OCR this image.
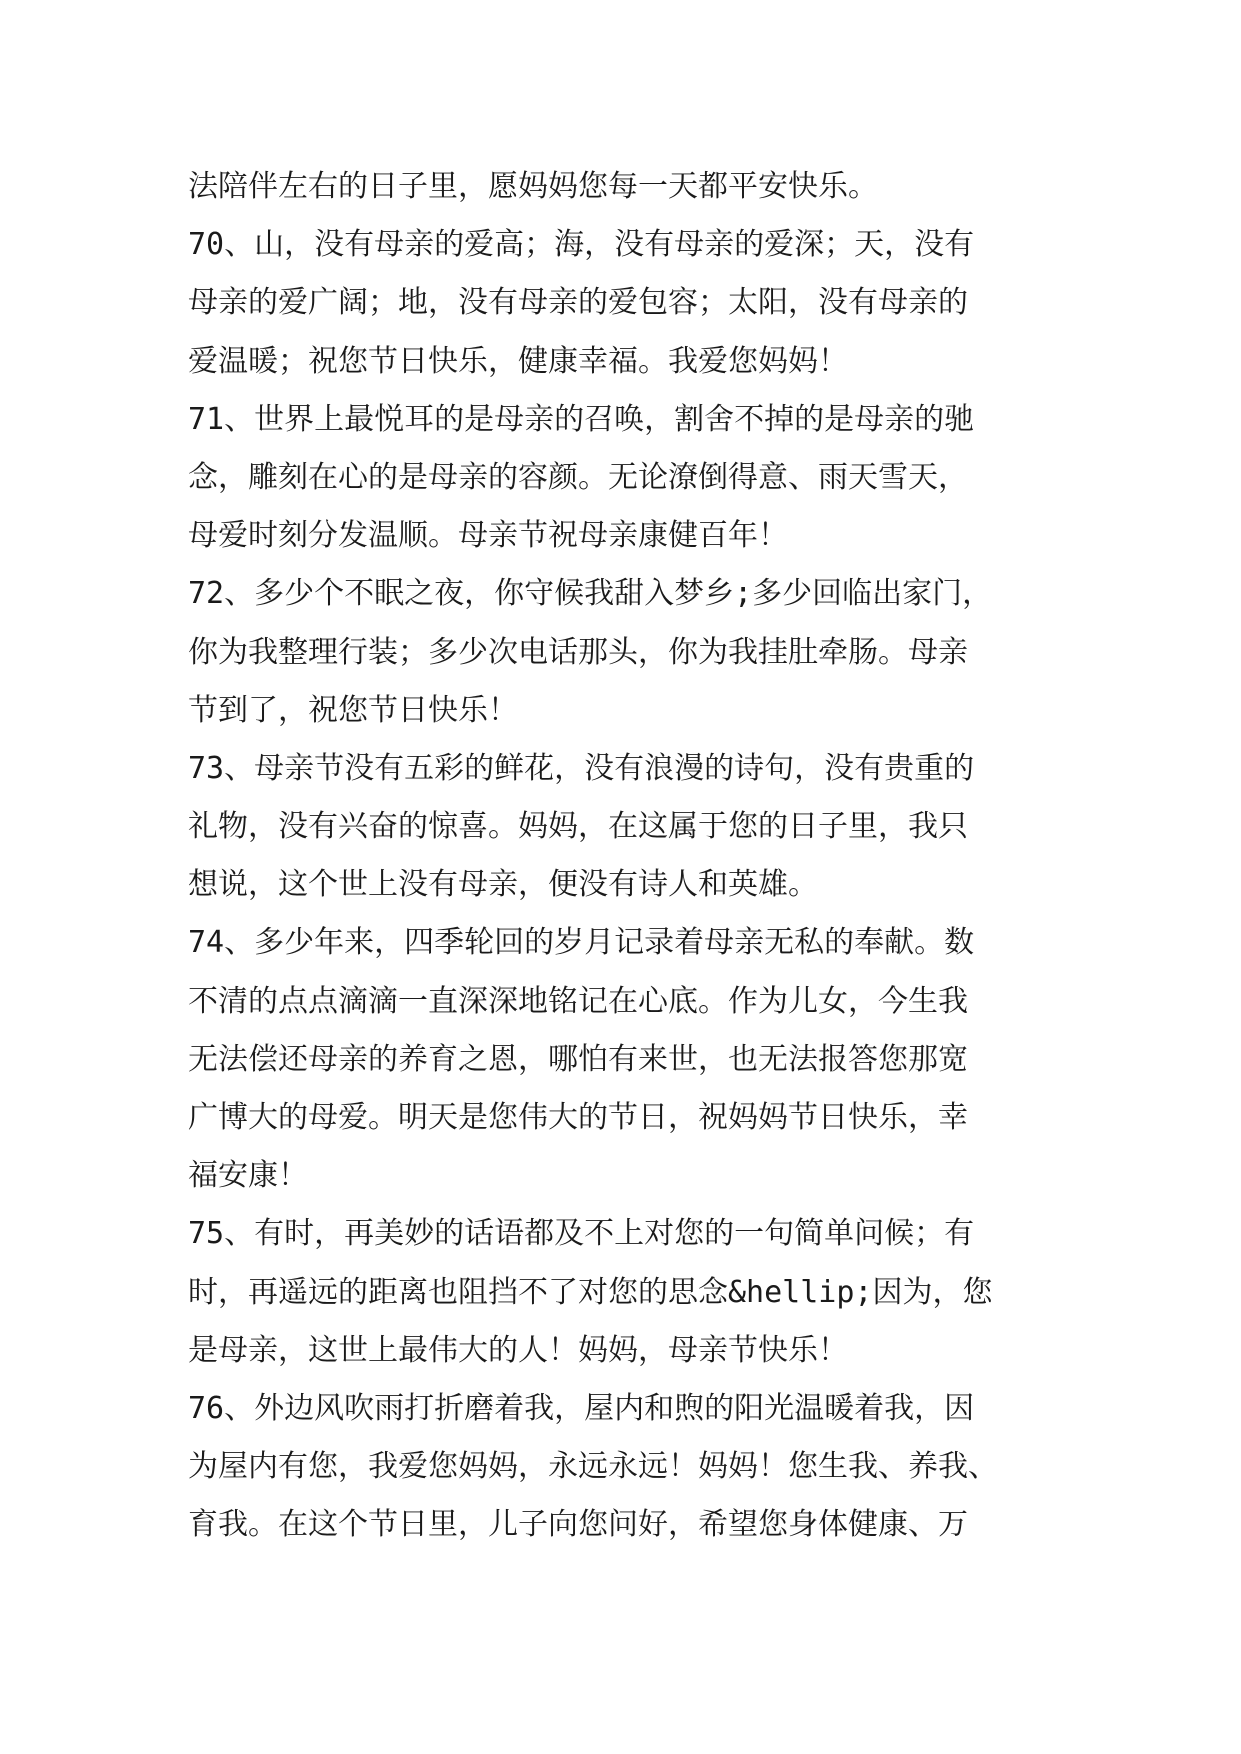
法陪伴左右的日子里，愿妈妈您每一天都平安快乐。
70、山，没有母亲的爱高；海，没有母亲的爱深；天，没有
母亲的爱广阔；地，没有母亲的爱包容；太阳，没有母亲的
爱温暖；祝您节日快乐，健康幸福。我爱您妈妈！
71、世界上最悦耳的是母亲的召唤，割舍不掉的是母亲的驰
念，雕刻在心的是母亲的容颜。无论潦倒得意、雨天雪天，
母爱时刻分发温顺。母亲节祝母亲康健百年！
72、多少个不眠之夜，你守候我甜入梦乡;多少回临出家门，
你为我整理行装；多少次电话那头，你为我挂肚牵肠。母亲
节到了，祝您节日快乐！
73、母亲节没有五彩的鲜花，没有浪漫的诗句，没有贵重的
礼物，没有兴奋的惊喜。妈妈，在这属于您的日子里，我只
想说，这个世上没有母亲，便没有诗人和英雄。
74、多少年来，四季轮回的岁月记录着母亲无私的奉献。数
不清的点点滴滴一直深深地铭记在心底。作为儿女，今生我
无法偿还母亲的养育之恩，哪怕有来世，也无法报答您那宽
广博大的母爱。明天是您伟大的节日，祝妈妈节日快乐，幸
福安康！
75、有时，再美妙的话语都及不上对您的一句简单问候；有
时，再遥远的距离也阻挡不了对您的思念&hellip;因为，您
是母亲，这世上最伟大的人！妈妈，母亲节快乐！
76、外边风吹雨打折磨着我，屋内和煦的阳光温暖着我，因
为屋内有您，我爱您妈妈，永远永远！妈妈！您生我、养我、
育我。在这个节日里，儿子向您问好，希望您身体健康、万
